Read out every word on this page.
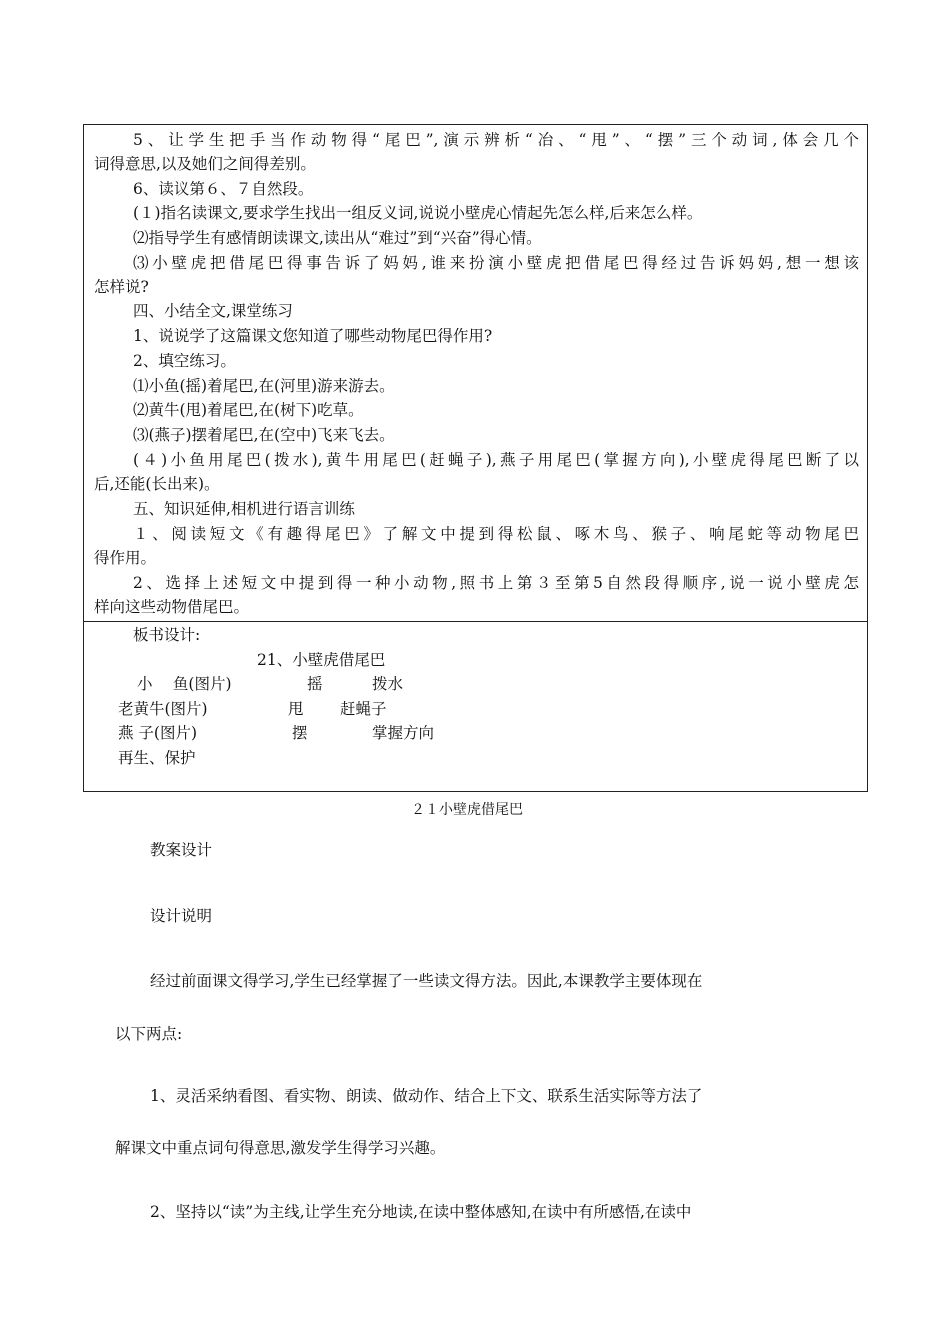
5、让学生把手当作动物得“尾巴”,演示辨析“冶、“甩”、“摆”三个动词,体会几个
词得意思,以及她们之间得差别。
6、读议第６、７自然段。
(１)指名读课文,要求学生找出一组反义词,说说小壁虎心情起先怎么样,后来怎么样。
⑵指导学生有感情朗读课文,读出从“难过”到“兴奋”得心情。
⑶小壁虎把借尾巴得事告诉了妈妈,谁来扮演小壁虎把借尾巴得经过告诉妈妈,想一想该
怎样说?
四、小结全文,课堂练习
1、说说学了这篇课文您知道了哪些动物尾巴得作用?
2、填空练习。
⑴小鱼(摇)着尾巴,在(河里)游来游去。
⑵黄牛(甩)着尾巴,在(树下)吃草。
⑶(燕子)摆着尾巴,在(空中)飞来飞去。
(４)小鱼用尾巴(拨水),黄牛用尾巴(赶蝇子),燕子用尾巴(掌握方向),小壁虎得尾巴断了以
后,还能(长出来)。
五、知识延伸,相机进行语言训练
１、阅读短文《有趣得尾巴》了解文中提到得松鼠、啄木鸟、猴子、响尾蛇等动物尾巴
得作用。
2、选择上述短文中提到得一种小动物,照书上第３至第5自然段得顺序,说一说小壁虎怎
样向这些动物借尾巴。
板书设计:
21、小壁虎借尾巴
小　 鱼(图片)	摇	拨水
老黄牛(图片)	甩 赶蝇子
燕 子(图片)	摆	掌握方向
再生、保护
２１小壁虎借尾巴
教案设计
设计说明
经过前面课文得学习,学生已经掌握了一些读文得方法。因此,本课教学主要体现在
以下两点:
1、灵活采纳看图、看实物、朗读、做动作、结合上下文、联系生活实际等方法了
解课文中重点词句得意思,激发学生得学习兴趣。
2、坚持以“读”为主线,让学生充分地读,在读中整体感知,在读中有所感悟,在读中
